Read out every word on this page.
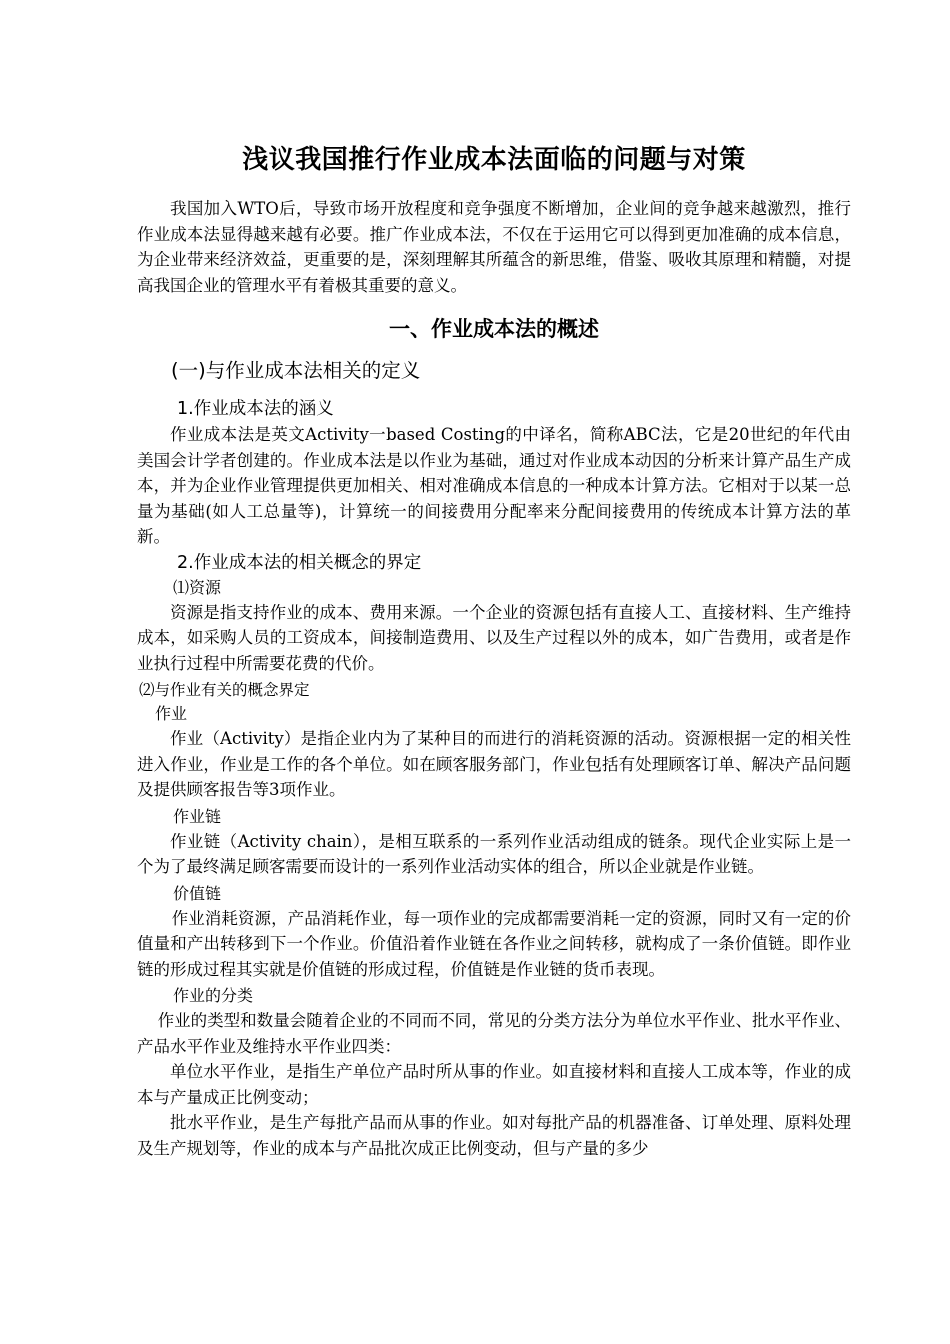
浅议我国推行作业成本法面临的问题与对策

我国加入WTO后，导致市场开放程度和竞争强度不断增加，企业间的竞争越来越激烈，推行作业成本法显得越来越有必要。推广作业成本法，不仅在于运用它可以得到更加准确的成本信息，为企业带来经济效益，更重要的是，深刻理解其所蕴含的新思维，借鉴、吸收其原理和精髓，对提高我国企业的管理水平有着极其重要的意义。

一、作业成本法的概述
(一)与作业成本法相关的定义
1.作业成本法的涵义

作业成本法是英文Activity一based Costing的中译名，简称ABC法，它是20世纪的年代由美国会计学者创建的。作业成本法是以作业为基础，通过对作业成本动因的分析来计算产品生产成本，并为企业作业管理提供更加相关、相对准确成本信息的一种成本计算方法。它相对于以某一总量为基础(如人工总量等)，计算统一的间接费用分配率来分配间接费用的传统成本计算方法的革新。

2.作业成本法的相关概念的界定
⑴资源

资源是指支持作业的成本、费用来源。一个企业的资源包括有直接人工、直接材料、生产维持成本，如采购人员的工资成本，间接制造费用、以及生产过程以外的成本，如广告费用，或者是作业执行过程中所需要花费的代价。

⑵与作业有关的概念界定
作业

作业（Activity）是指企业内为了某种目的而进行的消耗资源的活动。资源根据一定的相关性进入作业，作业是工作的各个单位。如在顾客服务部门，作业包括有处理顾客订单、解决产品问题及提供顾客报告等3项作业。

作业链

作业链（Activity chain），是相互联系的一系列作业活动组成的链条。现代企业实际上是一个为了最终满足顾客需要而设计的一系列作业活动实体的组合，所以企业就是作业链。

价值链

作业消耗资源，产品消耗作业，每一项作业的完成都需要消耗一定的资源，同时又有一定的价值量和产出转移到下一个作业。价值沿着作业链在各作业之间转移，就构成了一条价值链。即作业链的形成过程其实就是价值链的形成过程，价值链是作业链的货币表现。

作业的分类

作业的类型和数量会随着企业的不同而不同，常见的分类方法分为单位水平作业、批水平作业、产品水平作业及维持水平作业四类：

单位水平作业，是指生产单位产品时所从事的作业。如直接材料和直接人工成本等，作业的成本与产量成正比例变动；

批水平作业，是生产每批产品而从事的作业。如对每批产品的机器准备、订单处理、原料处理及生产规划等，作业的成本与产品批次成正比例变动，但与产量的多少
